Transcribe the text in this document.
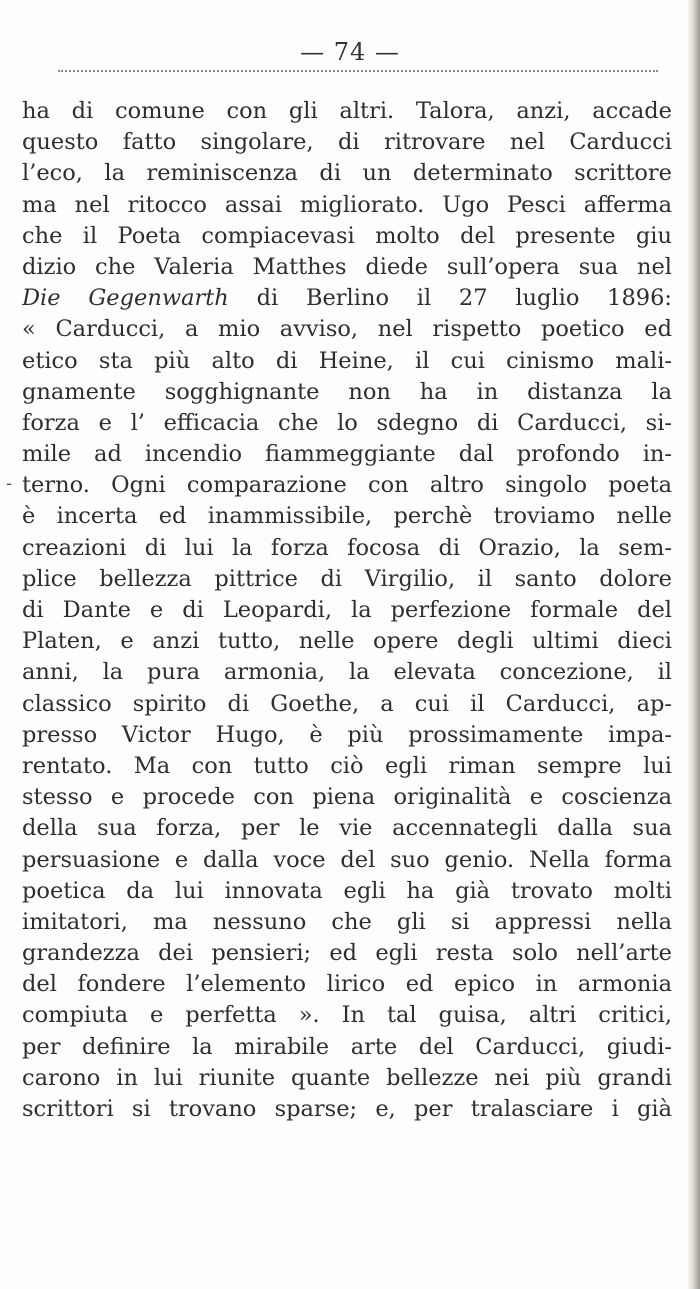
— 74 —
-
ha di comune con gli altri. Talora, anzi, accade
questo fatto singolare, di ritrovare nel Carducci
l’eco, la reminiscenza di un determinato scrittore
ma nel ritocco assai migliorato. Ugo Pesci afferma
che il Poeta compiacevasi molto del presente giu
dizio che Valeria Matthes diede sull’opera sua nel
Die Gegenwarth di Berlino il 27 luglio 1896:
« Carducci, a mio avviso, nel rispetto poetico ed
etico sta più alto di Heine, il cui cinismo mali-
gnamente sogghignante non ha in distanza la
forza e l’ efficacia che lo sdegno di Carducci, si-
mile ad incendio fiammeggiante dal profondo in-
terno. Ogni comparazione con altro singolo poeta
è incerta ed inammissibile, perchè troviamo nelle
creazioni di lui la forza focosa di Orazio, la sem-
plice bellezza pittrice di Virgilio, il santo dolore
di Dante e di Leopardi, la perfezione formale del
Platen, e anzi tutto, nelle opere degli ultimi dieci
anni, la pura armonia, la elevata concezione, il
classico spirito di Goethe, a cui il Carducci, ap-
presso Victor Hugo, è più prossimamente impa-
rentato. Ma con tutto ciò egli riman sempre lui
stesso e procede con piena originalità e coscienza
della sua forza, per le vie accennategli dalla sua
persuasione e dalla voce del suo genio. Nella forma
poetica da lui innovata egli ha già trovato molti
imitatori, ma nessuno che gli si appressi nella
grandezza dei pensieri; ed egli resta solo nell’arte
del fondere l’elemento lirico ed epico in armonia
compiuta e perfetta ». In tal guisa, altri critici,
per definire la mirabile arte del Carducci, giudi-
carono in lui riunite quante bellezze nei più grandi
scrittori si trovano sparse; e, per tralasciare i già
